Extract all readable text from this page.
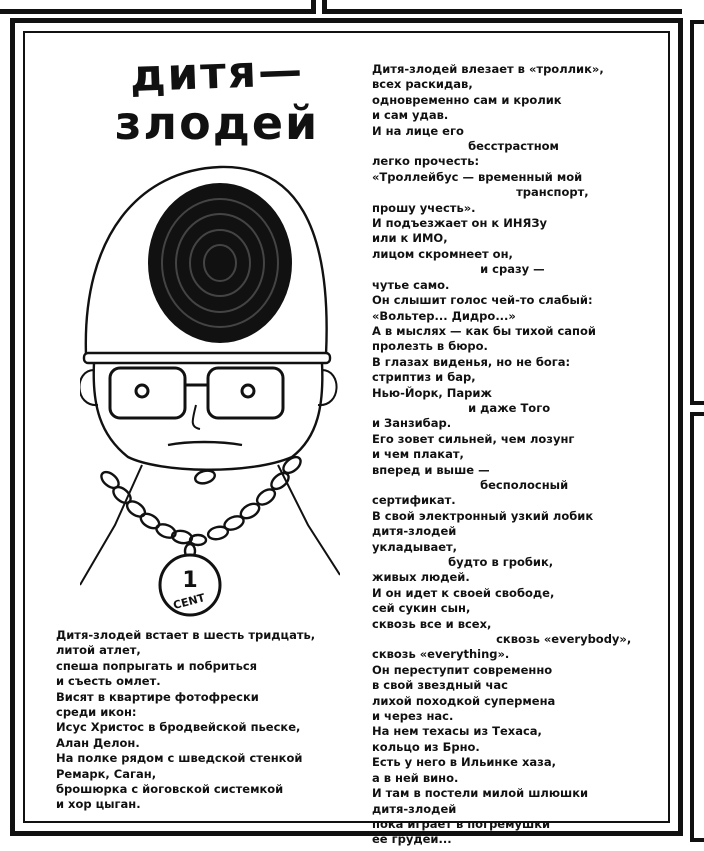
дитя—
злодей
1
CENT
Дитя-злодей встает в шесть тридцать,
литой атлет,
спеша попрыгать и побриться
и съесть омлет.
Висят в квартире фотофрески
среди икон:
Исус Христос в бродвейской пьеске,
Алан Делон.
На полке рядом с шведской стенкой
Ремарк, Саган,
брошюрка с йоговской системкой
и хор цыган.
Дитя-злодей влезает в «троллик»,
всех раскидав,
одновременно сам и кролик
и сам удав.
И на лице его
бесстрастном
легко прочесть:
«Троллейбус — временный мой
транспорт,
прошу учесть».
И подъезжает он к ИНЯЗу
или к ИМО,
лицом скромнеет он,
и сразу —
чутье само.
Он слышит голос чей-то слабый:
«Вольтер... Дидро...»
А в мыслях — как бы тихой сапой
пролезть в бюро.
В глазах виденья, но не бога:
стриптиз и бар,
Нью-Йорк, Париж
и даже Того
и Занзибар.
Его зовет сильней, чем лозунг
и чем плакат,
вперед и выше —
бесполосный
сертификат.
В свой электронный узкий лобик
дитя-злодей
укладывает,
будто в гробик,
живых людей.
И он идет к своей свободе,
сей сукин сын,
сквозь все и всех,
сквозь «everybody»,
сквозь «everything».
Он переступит современно
в свой звездный час
лихой походкой супермена
и через нас.
На нем техасы из Техаса,
кольцо из Брно.
Есть у него в Ильинке хаза,
а в ней вино.
И там в постели милой шлюшки
дитя-злодей
пока играет в погремушки
ее грудей...
